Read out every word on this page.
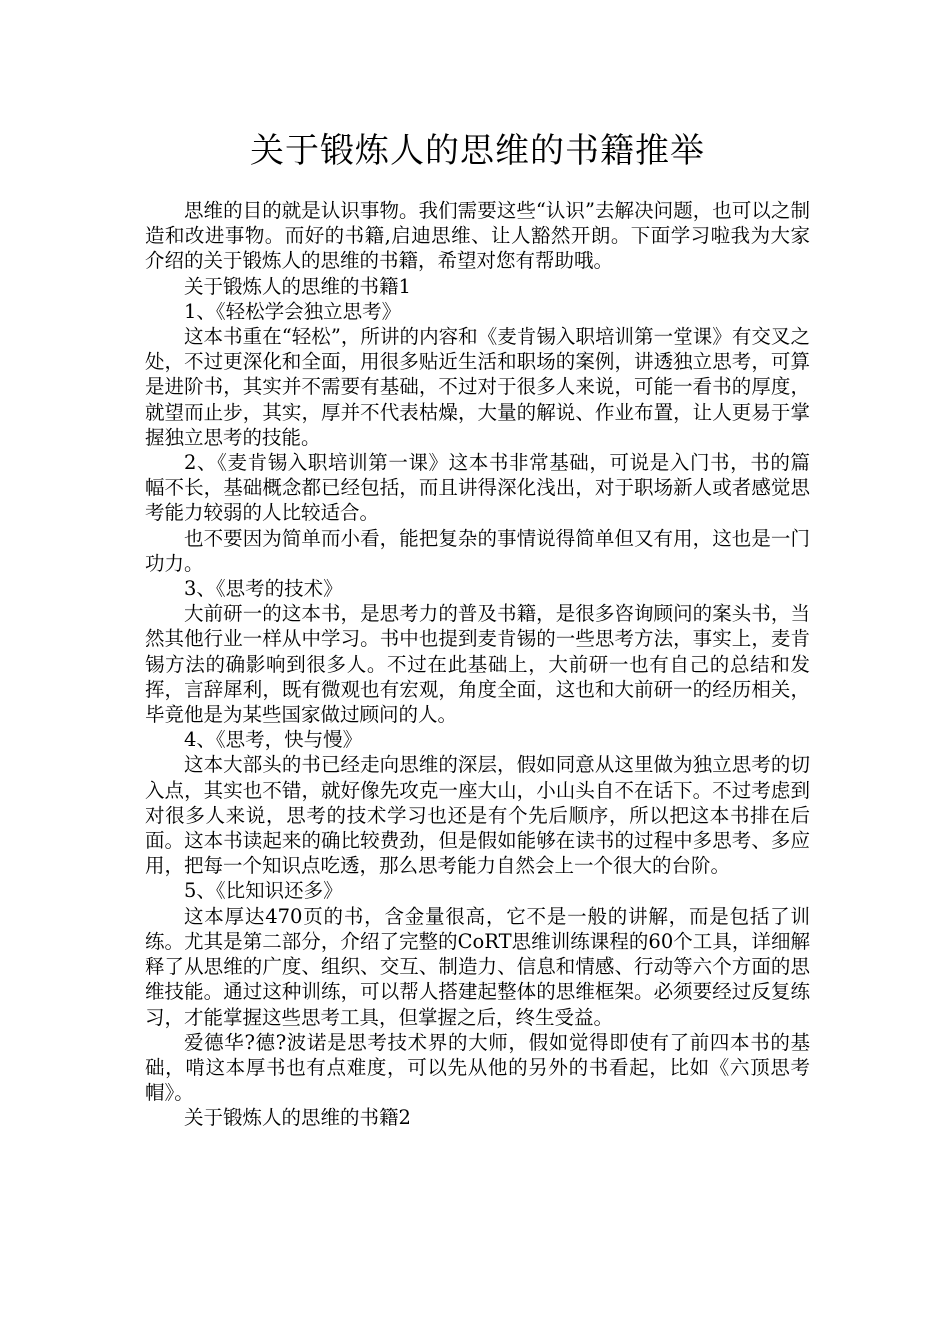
关于锻炼人的思维的书籍推举

思维的目的就是认识事物。我们需要这些“认识”去解决问题，也可以之制造和改进事物。而好的书籍,启迪思维、让人豁然开朗。下面学习啦我为大家介绍的关于锻炼人的思维的书籍，希望对您有帮助哦。

关于锻炼人的思维的书籍1

1、《轻松学会独立思考》

这本书重在“轻松”，所讲的内容和《麦肯锡入职培训第一堂课》有交叉之处，不过更深化和全面，用很多贴近生活和职场的案例，讲透独立思考，可算是进阶书，其实并不需要有基础，不过对于很多人来说，可能一看书的厚度，就望而止步，其实，厚并不代表枯燥，大量的解说、作业布置，让人更易于掌握独立思考的技能。

2、《麦肯锡入职培训第一课》这本书非常基础，可说是入门书，书的篇幅不长，基础概念都已经包括，而且讲得深化浅出，对于职场新人或者感觉思考能力较弱的人比较适合。

也不要因为简单而小看，能把复杂的事情说得简单但又有用，这也是一门功力。

3、《思考的技术》

大前研一的这本书，是思考力的普及书籍，是很多咨询顾问的案头书，当然其他行业一样从中学习。书中也提到麦肯锡的一些思考方法，事实上，麦肯锡方法的确影响到很多人。不过在此基础上，大前研一也有自己的总结和发挥，言辞犀利，既有微观也有宏观，角度全面，这也和大前研一的经历相关，毕竟他是为某些国家做过顾问的人。

4、《思考，快与慢》

这本大部头的书已经走向思维的深层，假如同意从这里做为独立思考的切入点，其实也不错，就好像先攻克一座大山，小山头自不在话下。不过考虑到对很多人来说，思考的技术学习也还是有个先后顺序，所以把这本书排在后面。这本书读起来的确比较费劲，但是假如能够在读书的过程中多思考、多应用，把每一个知识点吃透，那么思考能力自然会上一个很大的台阶。

5、《比知识还多》

这本厚达470页的书，含金量很高，它不是一般的讲解，而是包括了训练。尤其是第二部分，介绍了完整的CoRT思维训练课程的60个工具，详细解释了从思维的广度、组织、交互、制造力、信息和情感、行动等六个方面的思维技能。通过这种训练，可以帮人搭建起整体的思维框架。必须要经过反复练习，才能掌握这些思考工具，但掌握之后，终生受益。

爱德华?德?波诺是思考技术界的大师，假如觉得即使有了前四本书的基础，啃这本厚书也有点难度，可以先从他的另外的书看起，比如《六顶思考帽》。

关于锻炼人的思维的书籍2
